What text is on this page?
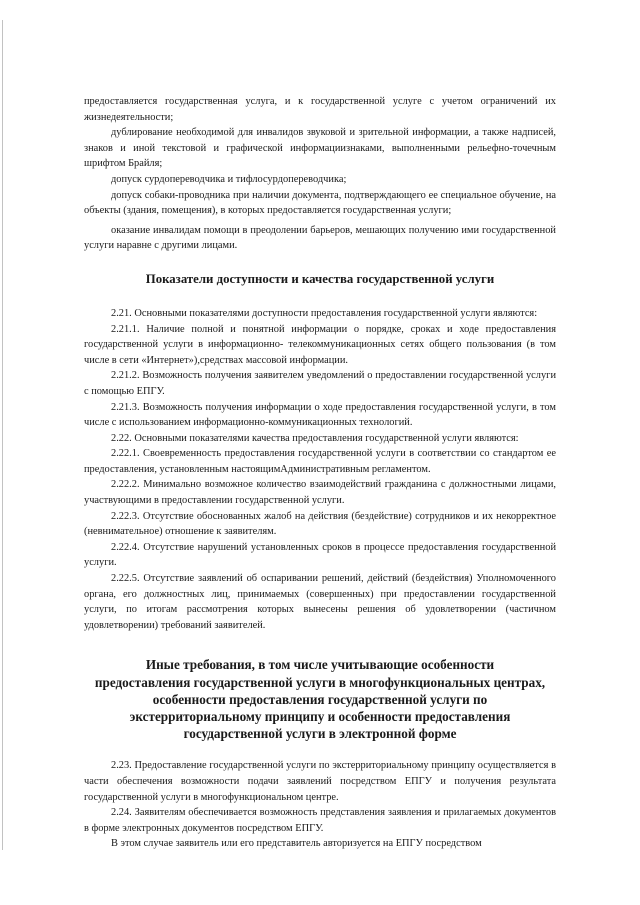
предоставляется государственная услуга, и к государственной услуге с учетом ограничений их жизнедеятельности;

дублирование необходимой для инвалидов звуковой и зрительной информации, а также надписей, знаков и иной текстовой и графической информациизнаками, выполненными рельефно-точечным шрифтом Брайля;

допуск сурдопереводчика и тифлосурдопереводчика;

допуск собаки-проводника при наличии документа, подтверждающего ее специальное обучение, на объекты (здания, помещения), в которых предоставляется государственная услуги;

оказание инвалидам помощи в преодолении барьеров, мешающих получению ими государственной услуги наравне с другими лицами.

Показатели доступности и качества государственной услуги

2.21. Основными показателями доступности предоставления государственной услуги являются:

2.21.1. Наличие полной и понятной информации о порядке, сроках и ходе предоставления государственной услуги в информационно- телекоммуникационных сетях общего пользования (в том числе в сети «Интернет»),средствах массовой информации.

2.21.2. Возможность получения заявителем уведомлений о предоставлении государственной услуги с помощью ЕПГУ.

2.21.3. Возможность получения информации о ходе предоставления государственной услуги, в том числе с использованием информационно-коммуникационных технологий.

2.22. Основными показателями качества предоставления государственной услуги являются:

2.22.1. Своевременность предоставления государственной услуги в соответствии со стандартом ее предоставления, установленным настоящимАдминистративным регламентом.

2.22.2. Минимально возможное количество взаимодействий гражданина с должностными лицами, участвующими в предоставлении государственной услуги.

2.22.3. Отсутствие обоснованных жалоб на действия (бездействие) сотрудников и их некорректное (невнимательное) отношение к заявителям.

2.22.4. Отсутствие нарушений установленных сроков в процессе предоставления государственной услуги.

2.22.5. Отсутствие заявлений об оспаривании решений, действий (бездействия) Уполномоченного органа, его должностных лиц, принимаемых (совершенных) при предоставлении государственной услуги, по итогам рассмотрения которых вынесены решения об удовлетворении (частичном удовлетворении) требований заявителей.

Иные требования, в том числе учитывающие особенности
предоставления государственной услуги в многофункциональных центрах,
особенности предоставления государственной услуги по
экстерриториальному принципу и особенности предоставления
государственной услуги в электронной форме

2.23. Предоставление государственной услуги по экстерриториальному принципу осуществляется в части обеспечения возможности подачи заявлений посредством ЕПГУ и получения результата государственной услуги в многофункциональном центре.

2.24. Заявителям обеспечивается возможность представления заявления и прилагаемых документов в форме электронных документов посредством ЕПГУ.

В этом случае заявитель или его представитель авторизуется на ЕПГУ посредством
